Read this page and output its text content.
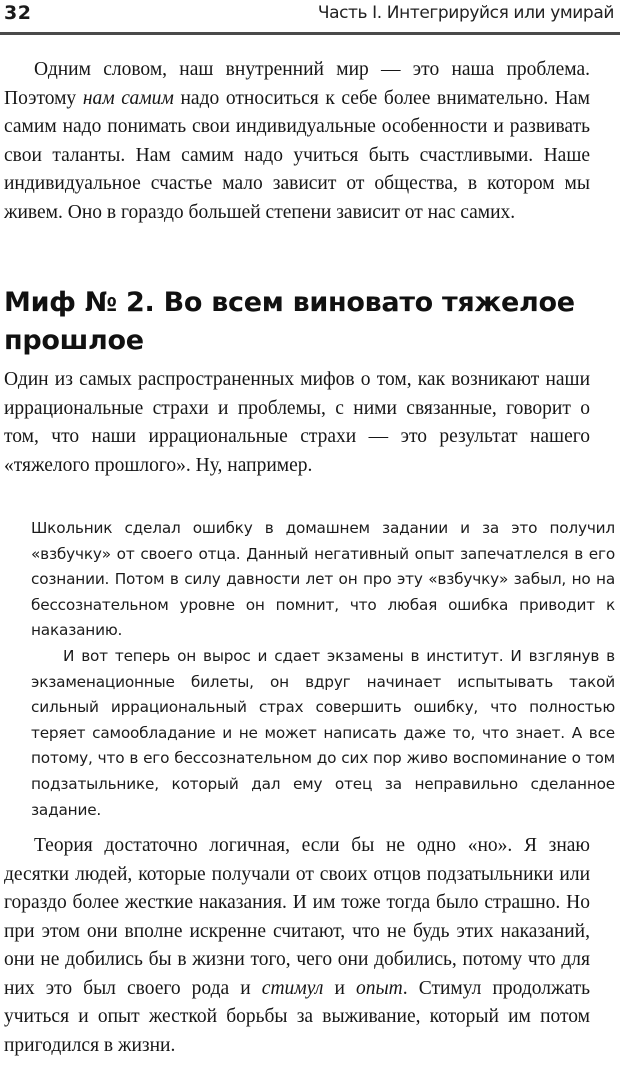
32	Часть I. Интегрируйся или умирай

Одним словом, наш внутренний мир — это наша проблема. Поэтому нам самим надо относиться к себе более внимательно. Нам самим надо понимать свои индивидуальные особенности и развивать свои таланты. Нам самим надо учиться быть счастливыми. Наше индивидуальное счастье мало зависит от общества, в котором мы живем. Оно в гораздо большей степени зависит от нас самих.

Миф № 2. Во всем виновато тяжелое прошлое

Один из самых распространенных мифов о том, как возникают наши иррациональные страхи и проблемы, с ними связанные, говорит о том, что наши иррациональные страхи — это результат нашего «тяжелого прошлого». Ну, например.

Школьник сделал ошибку в домашнем задании и за это получил «взбучку» от своего отца. Данный негативный опыт запечатлелся в его сознании. Потом в силу давности лет он про эту «взбучку» забыл, но на бессознательном уровне он помнит, что любая ошибка приводит к наказанию.

И вот теперь он вырос и сдает экзамены в институт. И взглянув в экзаменационные билеты, он вдруг начинает испытывать такой сильный иррациональный страх совершить ошибку, что полностью теряет самообладание и не может написать даже то, что знает. А все потому, что в его бессознательном до сих пор живо воспоминание о том подзатыльнике, который дал ему отец за неправильно сделанное задание.

Теория достаточно логичная, если бы не одно «но». Я знаю десятки людей, которые получали от своих отцов подзатыльники или гораздо более жесткие наказания. И им тоже тогда было страшно. Но при этом они вполне искренне считают, что не будь этих наказаний, они не добились бы в жизни того, чего они добились, потому что для них это был своего рода и стимул и опыт. Стимул продолжать учиться и опыт жесткой борьбы за выживание, который им потом пригодился в жизни.
